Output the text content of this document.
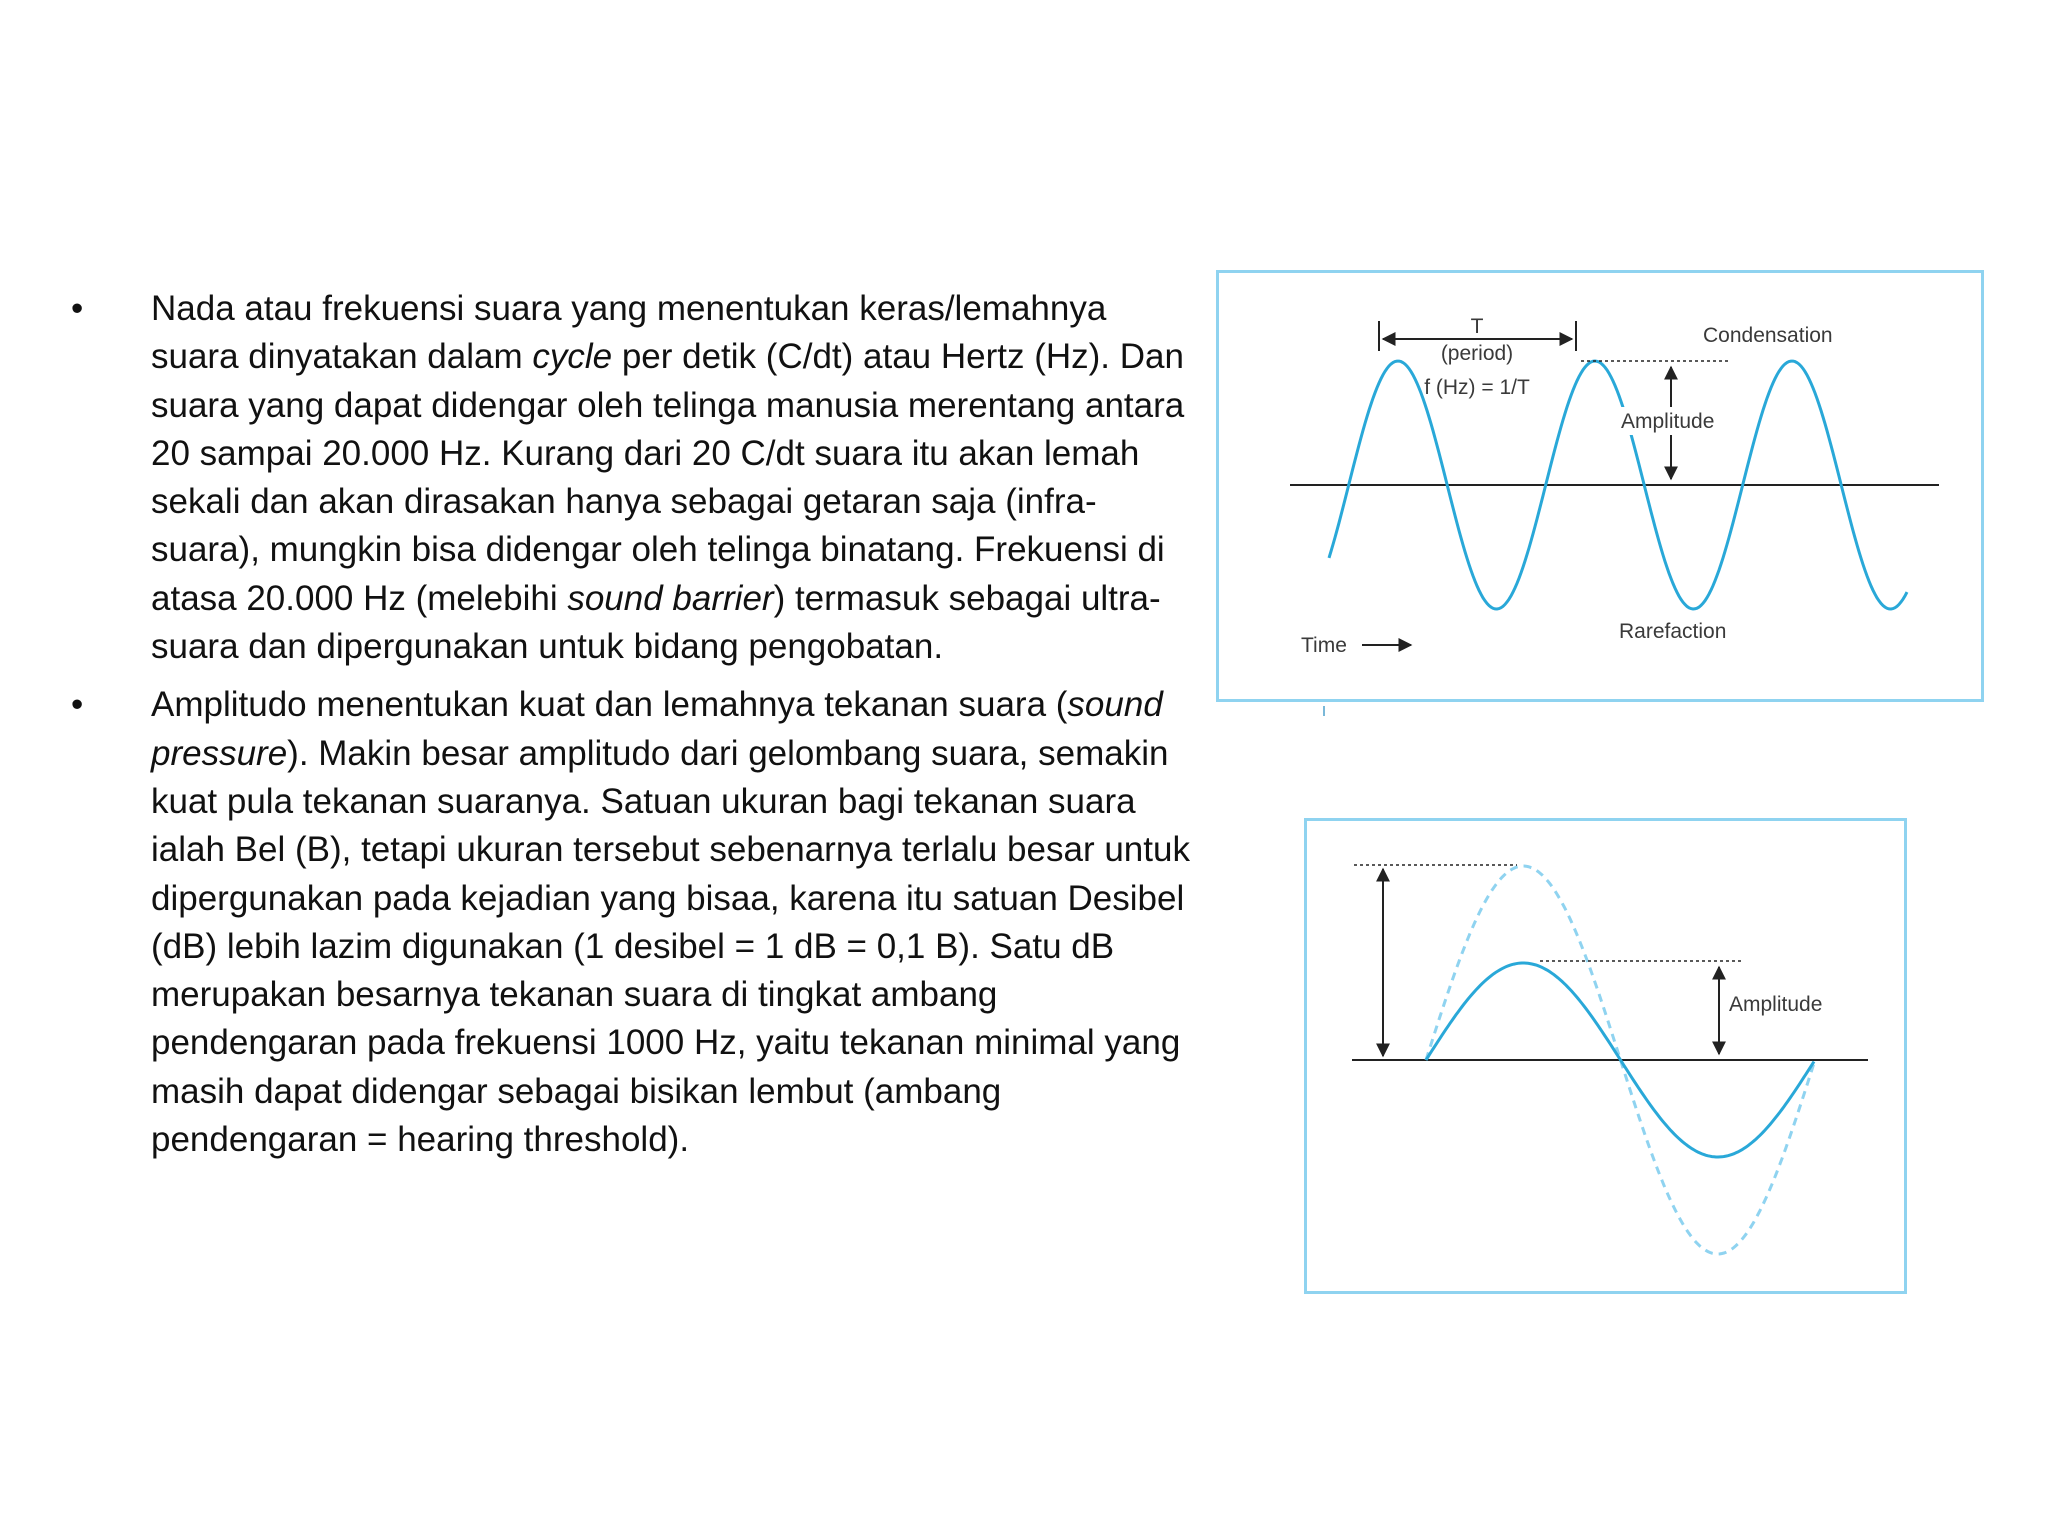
• Nada atau frekuensi suara yang menentukan keras/lemahnya suara dinyatakan dalam cycle per detik (C/dt) atau Hertz (Hz). Dan suara yang dapat didengar oleh telinga manusia merentang antara 20 sampai 20.000 Hz. Kurang dari 20 C/dt suara itu akan lemah sekali dan akan dirasakan hanya sebagai getaran saja (infra-suara), mungkin bisa didengar oleh telinga binatang. Frekuensi di atasa 20.000 Hz (melebihi sound barrier) termasuk sebagai ultra-suara dan dipergunakan untuk bidang pengobatan.
• Amplitudo menentukan kuat dan lemahnya tekanan suara (sound pressure). Makin besar amplitudo dari gelombang suara, semakin kuat pula tekanan suaranya. Satuan ukuran bagi tekanan suara ialah Bel (B), tetapi ukuran tersebut sebenarnya terlalu besar untuk dipergunakan pada kejadian yang bisaa, karena itu satuan Desibel (dB) lebih lazim digunakan (1 desibel = 1 dB = 0,1 B). Satu dB merupakan besarnya tekanan suara di tingkat ambang pendengaran pada frekuensi 1000 Hz, yaitu tekanan minimal yang masih dapat didengar sebagai bisikan lembut (ambang pendengaran = hearing threshold).
T
(period)
f (Hz) = 1/T
Condensation
Amplitude
Rarefaction
Time
Amplitude
